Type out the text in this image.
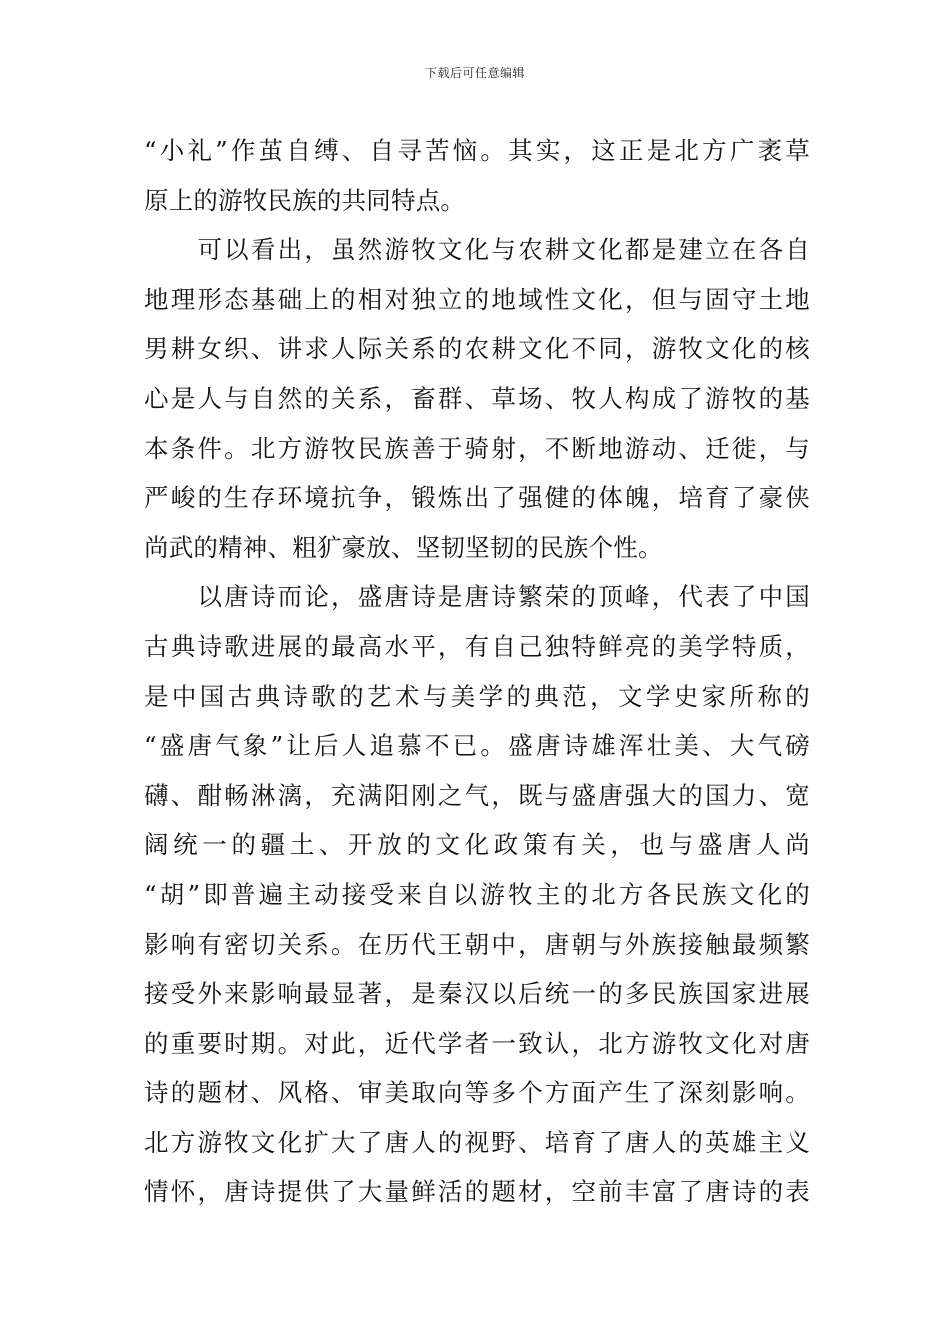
下载后可任意编辑
“小礼”作茧自缚、自寻苦恼。其实，这正是北方广袤草
原上的游牧民族的共同特点。
　　可以看出，虽然游牧文化与农耕文化都是建立在各自
地理形态基础上的相对独立的地域性文化，但与固守土地
男耕女织、讲求人际关系的农耕文化不同，游牧文化的核
心是人与自然的关系，畜群、草场、牧人构成了游牧的基
本条件。北方游牧民族善于骑射，不断地游动、迁徙，与
严峻的生存环境抗争，锻炼出了强健的体魄，培育了豪侠
尚武的精神、粗犷豪放、坚韧坚韧的民族个性。
　　以唐诗而论，盛唐诗是唐诗繁荣的顶峰，代表了中国
古典诗歌进展的最高水平，有自己独特鲜亮的美学特质，
是中国古典诗歌的艺术与美学的典范，文学史家所称的
“盛唐气象”让后人追慕不已。盛唐诗雄浑壮美、大气磅
礴、酣畅淋漓，充满阳刚之气，既与盛唐强大的国力、宽
阔统一的疆土、开放的文化政策有关，也与盛唐人尚
“胡”即普遍主动接受来自以游牧主的北方各民族文化的
影响有密切关系。在历代王朝中，唐朝与外族接触最频繁
接受外来影响最显著，是秦汉以后统一的多民族国家进展
的重要时期。对此，近代学者一致认，北方游牧文化对唐
诗的题材、风格、审美取向等多个方面产生了深刻影响。
北方游牧文化扩大了唐人的视野、培育了唐人的英雄主义
情怀，唐诗提供了大量鲜活的题材，空前丰富了唐诗的表
